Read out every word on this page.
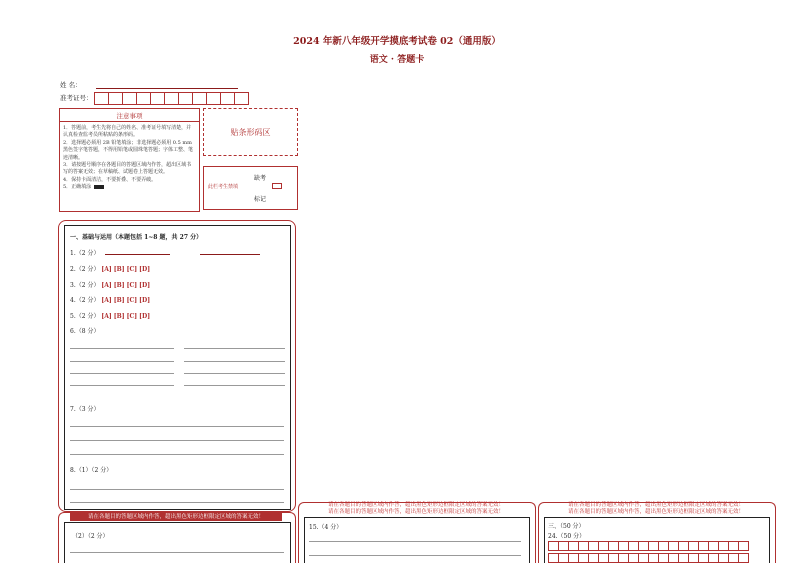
2024 年新八年级开学摸底考试卷 02（通用版）
语文 · 答题卡
姓 名：
准考证号：
注意事项
1．答题前，考生先将自己的姓名、准考证号填写清楚，并认真检查监考员所粘贴的条形码。
2．选择题必须用 2B 铅笔填涂；非选择题必须用 0.5 mm 黑色签字笔答题，不得用铅笔或圆珠笔答题；字体工整、笔迹清晰。
3．请按题号顺序在各题目的答题区域内作答，超出区域书写的答案无效；在草稿纸、试题卷上答题无效。
4．保持卡面清洁，不要折叠、不要弄破。
5．正确填涂
贴条形码区
此栏考生禁填
缺考
标记
一、基础与运用（本题包括 1~8 题，共 27 分）
1.（2 分）
2.（2 分） [A] [B] [C] [D]
3.（2 分） [A] [B] [C] [D]
4.（2 分） [A] [B] [C] [D]
5.（2 分） [A] [B] [C] [D]
6.（8 分）
7.（3 分）
8.（1）（2 分）
请在各题目的答题区域内作答，超出黑色矩形边框限定区域的答案无效！
（2）（2 分）
请在各题目的答题区域内作答，超出黑色矩形边框限定区域的答案无效！
请在各题目的答题区域内作答，超出黑色矩形边框限定区域的答案无效！
15.（4 分）
请在各题目的答题区域内作答，超出黑色矩形边框限定区域的答案无效！
请在各题目的答题区域内作答，超出黑色矩形边框限定区域的答案无效！
三、（50 分）
24.（50 分）
